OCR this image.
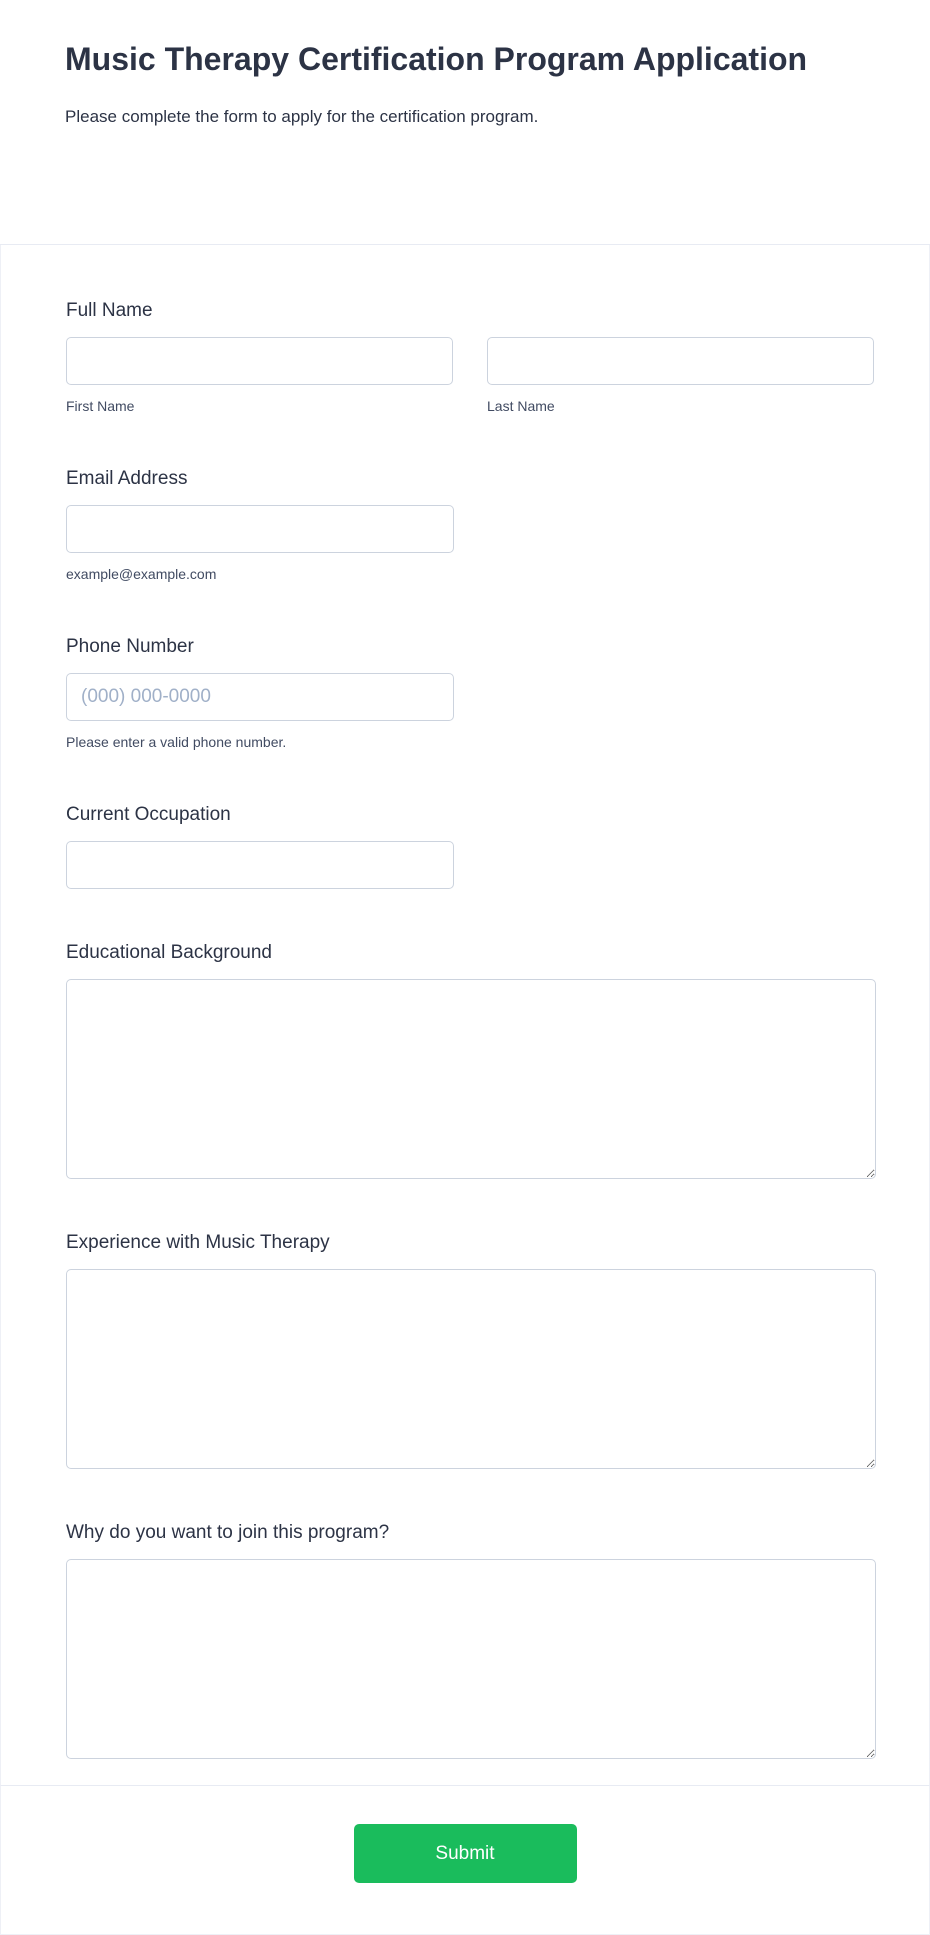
Music Therapy Certification Program Application

Please complete the form to apply for the certification program.

Full Name
First Name	Last Name
Email Address
example@example.com
Phone Number
(000) 000-0000
Please enter a valid phone number.
Current Occupation
Educational Background
Experience with Music Therapy
Why do you want to join this program?
Submit
